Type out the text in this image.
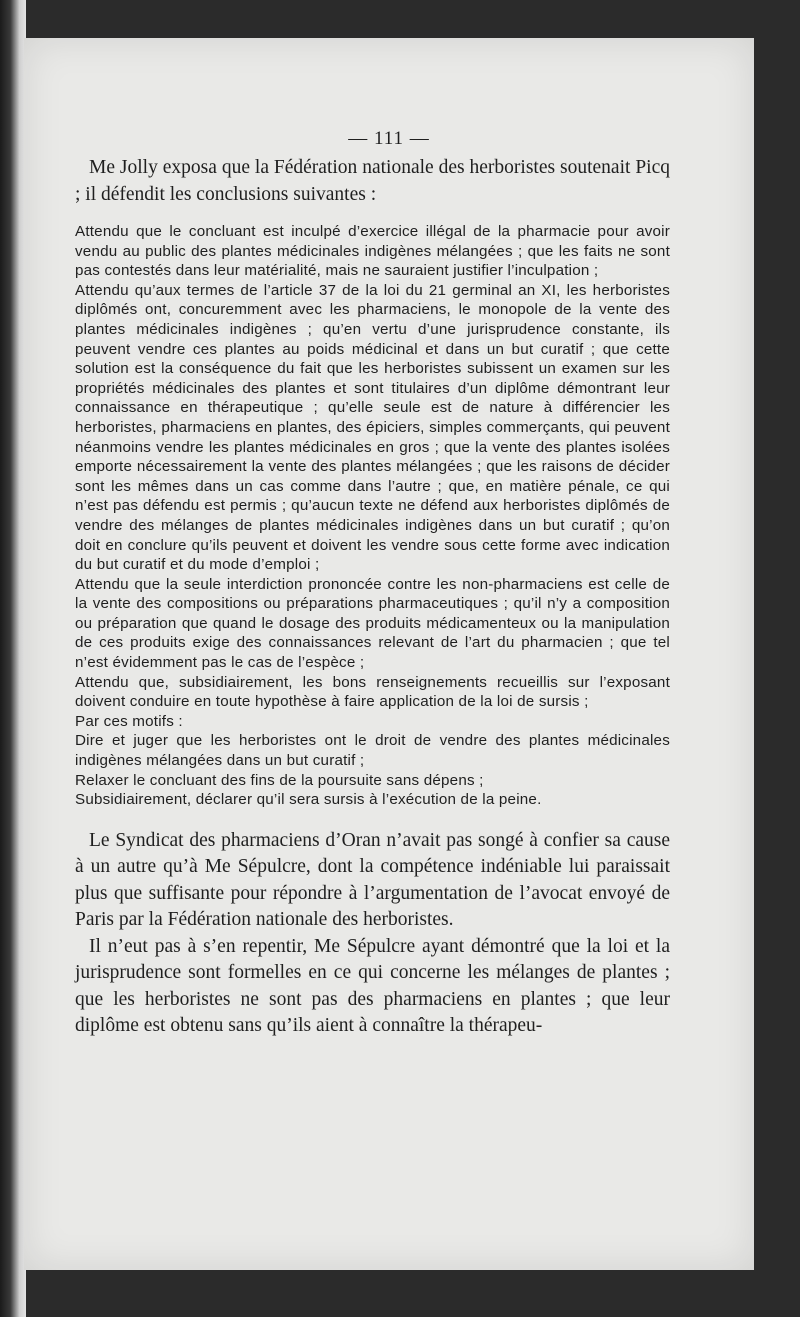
— 111 —

Me Jolly exposa que la Fédération nationale des herboristes soutenait Picq ; il défendit les conclusions suivantes :

Attendu que le concluant est inculpé d’exercice illégal de la pharmacie pour avoir vendu au public des plantes médicinales indigènes mélangées ; que les faits ne sont pas contestés dans leur matérialité, mais ne sauraient justifier l’inculpation ;

Attendu qu’aux termes de l’article 37 de la loi du 21 germinal an XI, les herboristes diplômés ont, concuremment avec les pharmaciens, le monopole de la vente des plantes médicinales indigènes ; qu’en vertu d’une jurisprudence constante, ils peuvent vendre ces plantes au poids médicinal et dans un but curatif ; que cette solution est la conséquence du fait que les herboristes subissent un examen sur les propriétés médicinales des plantes et sont titulaires d’un diplôme démontrant leur connaissance en thérapeutique ; qu’elle seule est de nature à différencier les herboristes, pharmaciens en plantes, des épiciers, simples commerçants, qui peuvent néanmoins vendre les plantes médicinales en gros ; que la vente des plantes isolées emporte nécessairement la vente des plantes mélangées ; que les raisons de décider sont les mêmes dans un cas comme dans l’autre ; que, en matière pénale, ce qui n’est pas défendu est permis ; qu’aucun texte ne défend aux herboristes diplômés de vendre des mélanges de plantes médicinales indigènes dans un but curatif ; qu’on doit en conclure qu’ils peuvent et doivent les vendre sous cette forme avec indication du but curatif et du mode d’emploi ;

Attendu que la seule interdiction prononcée contre les non-pharmaciens est celle de la vente des compositions ou préparations pharmaceutiques ; qu’il n’y a composition ou préparation que quand le dosage des produits médicamenteux ou la manipulation de ces produits exige des connaissances relevant de l’art du pharmacien ; que tel n’est évidemment pas le cas de l’espèce ;

Attendu que, subsidiairement, les bons renseignements recueillis sur l’exposant doivent conduire en toute hypothèse à faire application de la loi de sursis ;

Par ces motifs :

Dire et juger que les herboristes ont le droit de vendre des plantes médicinales indigènes mélangées dans un but curatif ;

Relaxer le concluant des fins de la poursuite sans dépens ;

Subsidiairement, déclarer qu’il sera sursis à l’exécution de la peine.

Le Syndicat des pharmaciens d’Oran n’avait pas songé à confier sa cause à un autre qu’à Me Sépulcre, dont la compétence indéniable lui paraissait plus que suffisante pour répondre à l’argumentation de l’avocat envoyé de Paris par la Fédération nationale des herboristes.

Il n’eut pas à s’en repentir, Me Sépulcre ayant démontré que la loi et la jurisprudence sont formelles en ce qui concerne les mélanges de plantes ; que les herboristes ne sont pas des pharmaciens en plantes ; que leur diplôme est obtenu sans qu’ils aient à connaître la thérapeu-
